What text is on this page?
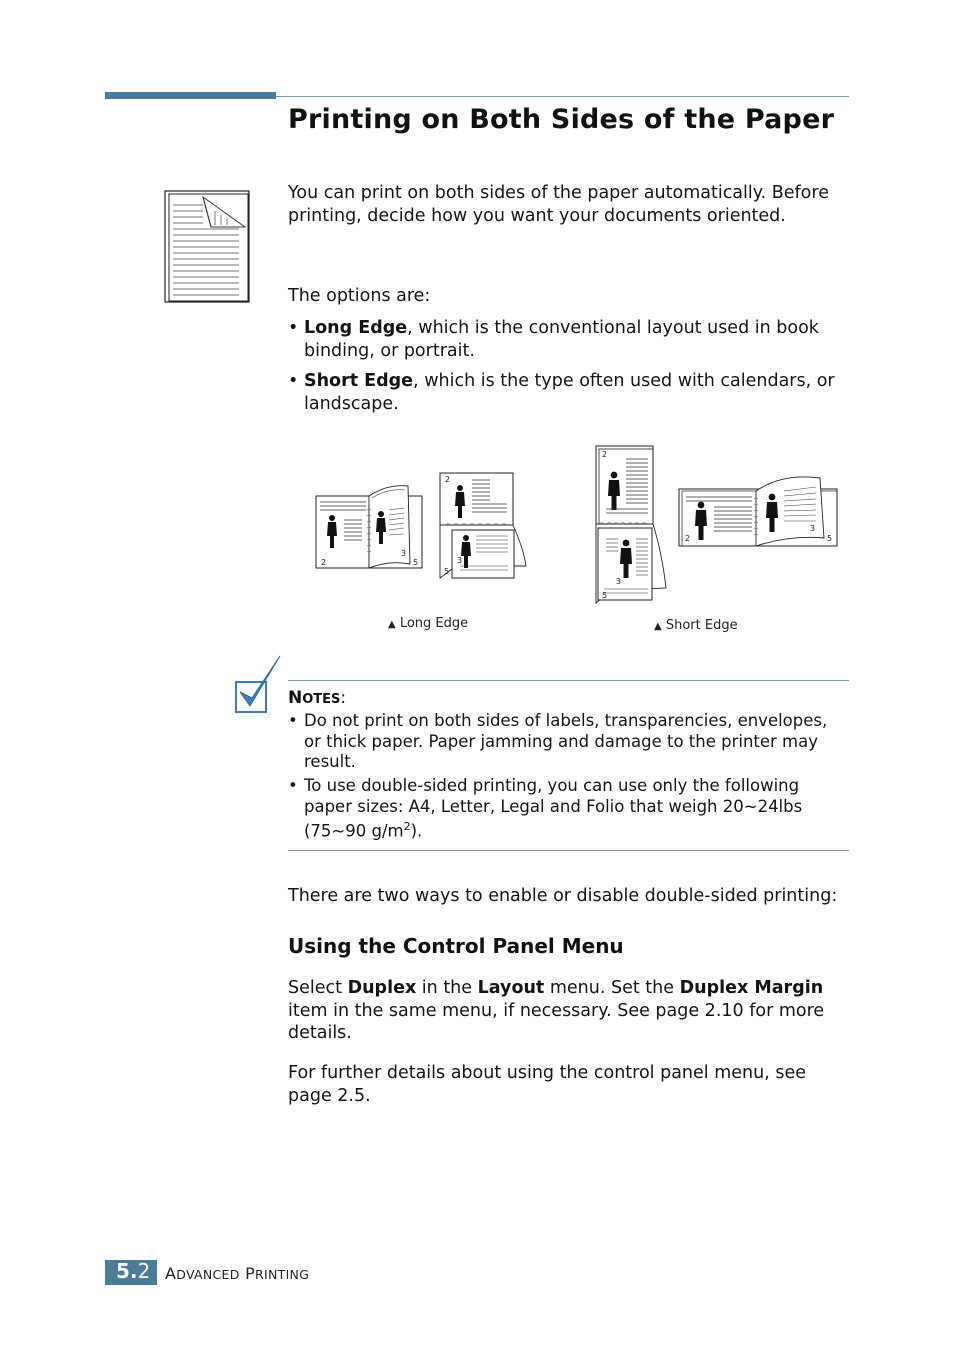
Printing on Both Sides of the Paper
You can print on both sides of the paper automatically. Before printing, decide how you want your documents oriented.
The options are:
• Long Edge, which is the conventional layout used in book binding, or portrait.
• Short Edge, which is the type often used with calendars, or landscape.
2
3
5
2
3
5
2
3
5
2
3
5
▲ Long Edge	▲ Short Edge
NOTES:
• Do not print on both sides of labels, transparencies, envelopes, or thick paper. Paper jamming and damage to the printer may result.
• To use double-sided printing, you can use only the following paper sizes: A4, Letter, Legal and Folio that weigh 20~24lbs (75~90 $g/m^2$).
There are two ways to enable or disable double-sided printing:
Using the Control Panel Menu
Select Duplex in the Layout menu. Set the Duplex Margin item in the same menu, if necessary. See page 2.10 for more details.
For further details about using the control panel menu, see page 2.5.
5.2 ADVANCED PRINTING
